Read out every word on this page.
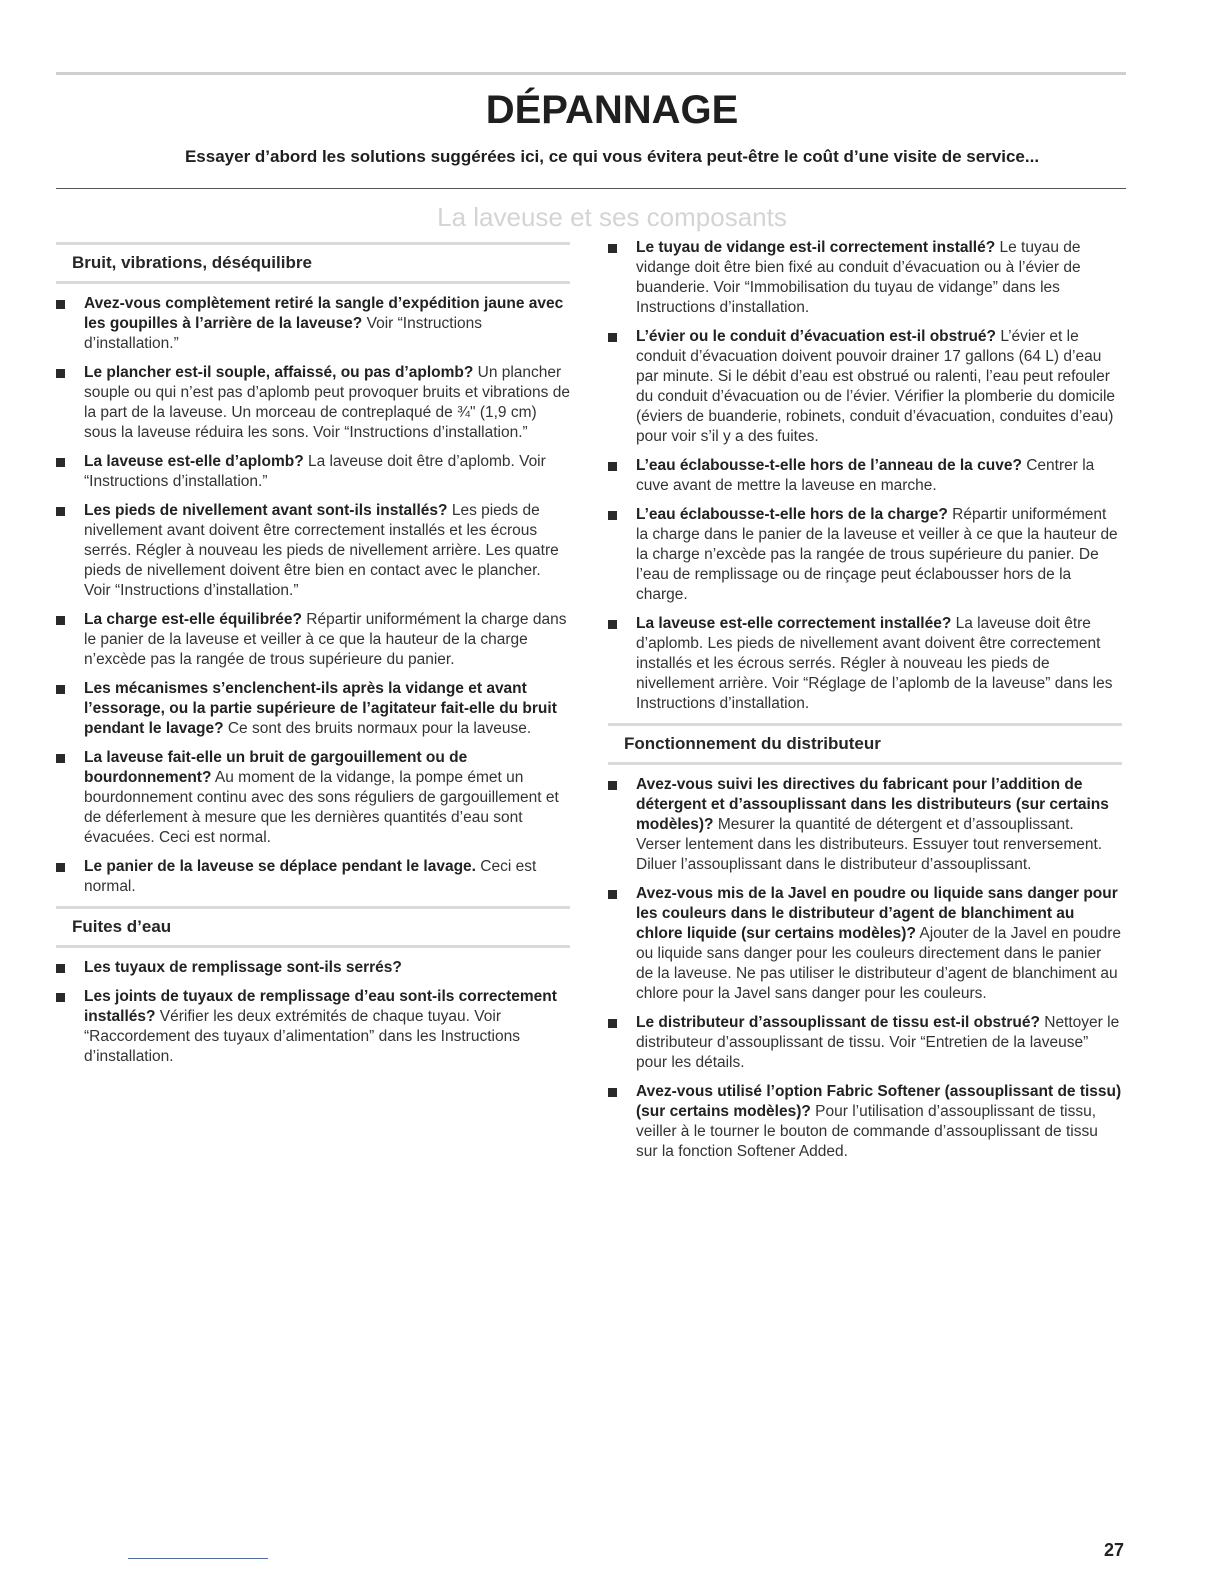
DÉPANNAGE

Essayer d’abord les solutions suggérées ici, ce qui vous évitera peut-être le coût d’une visite de service...

La laveuse et ses composants
Bruit, vibrations, déséquilibre
Avez-vous complètement retiré la sangle d’expédition jaune avec les goupilles à l’arrière de la laveuse? Voir “Instructions d’installation.”
Le plancher est-il souple, affaissé, ou pas d’aplomb? Un plancher souple ou qui n’est pas d’aplomb peut provoquer bruits et vibrations de la part de la laveuse. Un morceau de contreplaqué de ¾" (1,9 cm) sous la laveuse réduira les sons. Voir “Instructions d’installation.”
La laveuse est-elle d’aplomb? La laveuse doit être d’aplomb. Voir “Instructions d’installation.”
Les pieds de nivellement avant sont-ils installés? Les pieds de nivellement avant doivent être correctement installés et les écrous serrés. Régler à nouveau les pieds de nivellement arrière. Les quatre pieds de nivellement doivent être bien en contact avec le plancher. Voir “Instructions d’installation.”
La charge est-elle équilibrée? Répartir uniformément la charge dans le panier de la laveuse et veiller à ce que la hauteur de la charge n’excède pas la rangée de trous supérieure du panier.
Les mécanismes s’enclenchent-ils après la vidange et avant l’essorage, ou la partie supérieure de l’agitateur fait-elle du bruit pendant le lavage? Ce sont des bruits normaux pour la laveuse.
La laveuse fait-elle un bruit de gargouillement ou de bourdonnement? Au moment de la vidange, la pompe émet un bourdonnement continu avec des sons réguliers de gargouillement et de déferlement à mesure que les dernières quantités d’eau sont évacuées. Ceci est normal.
Le panier de la laveuse se déplace pendant le lavage. Ceci est normal.
Fuites d’eau
Les tuyaux de remplissage sont-ils serrés?
Les joints de tuyaux de remplissage d’eau sont-ils correctement installés? Vérifier les deux extrémités de chaque tuyau. Voir “Raccordement des tuyaux d’alimentation” dans les Instructions d’installation.
Le tuyau de vidange est-il correctement installé? Le tuyau de vidange doit être bien fixé au conduit d’évacuation ou à l’évier de buanderie. Voir “Immobilisation du tuyau de vidange” dans les Instructions d’installation.
L’évier ou le conduit d’évacuation est-il obstrué? L’évier et le conduit d’évacuation doivent pouvoir drainer 17 gallons (64 L) d’eau par minute. Si le débit d’eau est obstrué ou ralenti, l’eau peut refouler du conduit d’évacuation ou de l’évier. Vérifier la plomberie du domicile (éviers de buanderie, robinets, conduit d’évacuation, conduites d’eau) pour voir s’il y a des fuites.
L’eau éclabousse-t-elle hors de l’anneau de la cuve? Centrer la cuve avant de mettre la laveuse en marche.
L’eau éclabousse-t-elle hors de la charge? Répartir uniformément la charge dans le panier de la laveuse et veiller à ce que la hauteur de la charge n’excède pas la rangée de trous supérieure du panier. De l’eau de remplissage ou de rinçage peut éclabousser hors de la charge.
La laveuse est-elle correctement installée? La laveuse doit être d’aplomb. Les pieds de nivellement avant doivent être correctement installés et les écrous serrés. Régler à nouveau les pieds de nivellement arrière. Voir “Réglage de l’aplomb de la laveuse” dans les Instructions d’installation.
Fonctionnement du distributeur
Avez-vous suivi les directives du fabricant pour l’addition de détergent et d’assouplissant dans les distributeurs (sur certains modèles)? Mesurer la quantité de détergent et d’assouplissant. Verser lentement dans les distributeurs. Essuyer tout renversement. Diluer l’assouplissant dans le distributeur d’assouplissant.
Avez-vous mis de la Javel en poudre ou liquide sans danger pour les couleurs dans le distributeur d’agent de blanchiment au chlore liquide (sur certains modèles)? Ajouter de la Javel en poudre ou liquide sans danger pour les couleurs directement dans le panier de la laveuse. Ne pas utiliser le distributeur d’agent de blanchiment au chlore pour la Javel sans danger pour les couleurs.
Le distributeur d’assouplissant de tissu est-il obstrué? Nettoyer le distributeur d’assouplissant de tissu. Voir “Entretien de la laveuse” pour les détails.
Avez-vous utilisé l’option Fabric Softener (assouplissant de tissu) (sur certains modèles)? Pour l’utilisation d’assouplissant de tissu, veiller à le tourner le bouton de commande d’assouplissant de tissu sur la fonction Softener Added.
27
